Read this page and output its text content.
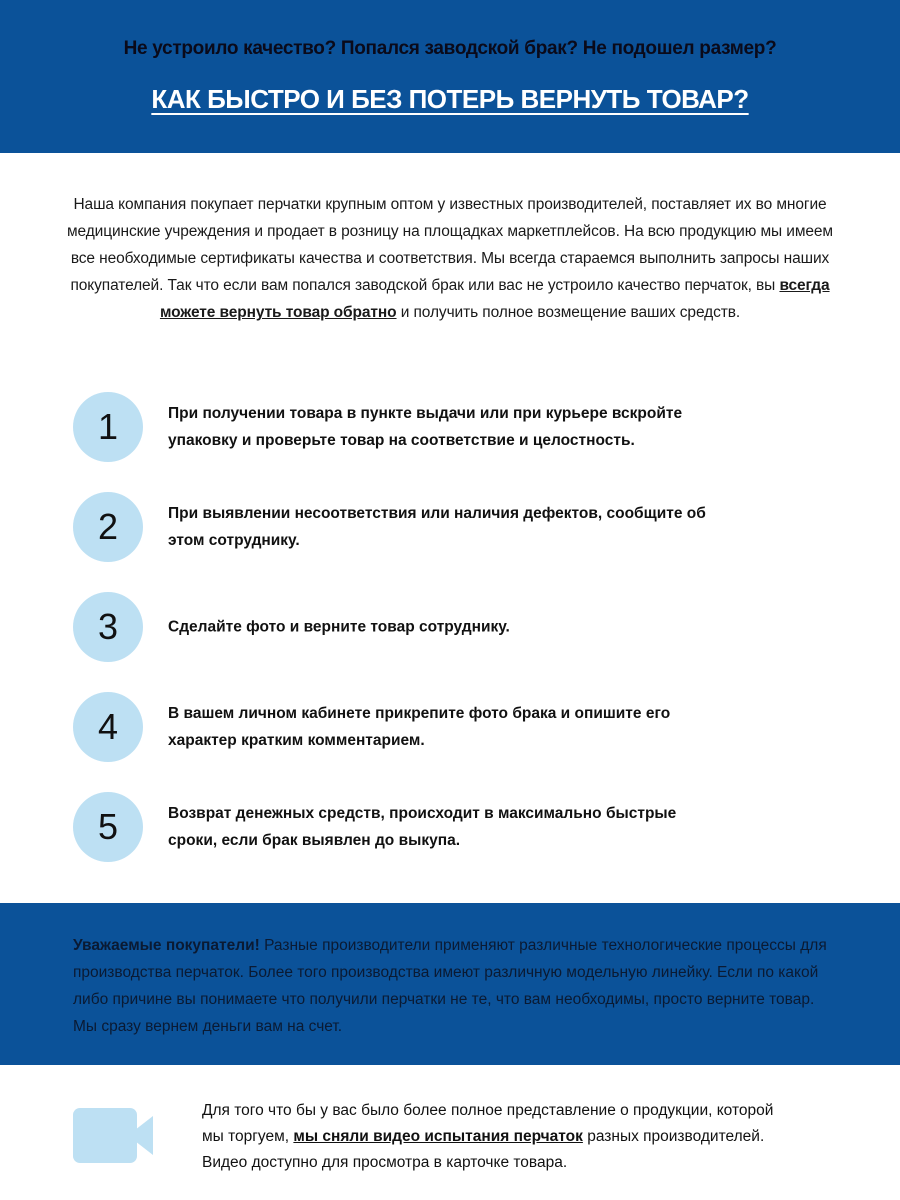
Не устроило качество? Попался заводской брак? Не подошел размер?
КАК БЫСТРО И БЕЗ ПОТЕРЬ ВЕРНУТЬ ТОВАР?

Наша компания покупает перчатки крупным оптом у известных производителей, поставляет их во многие медицинские учреждения и продает в розницу на площадках маркетплейсов. На всю продукцию мы имеем все необходимые сертификаты качества и соответствия. Мы всегда стараемся выполнить запросы наших покупателей. Так что если вам попался заводской брак или вас не устроило качество перчаток, вы всегда можете вернуть товар обратно и получить полное возмещение ваших средств.

1	При получении товара в пункте выдачи или при курьере вскройте упаковку и проверьте товар на соответствие и целостность.
2	При выявлении несоответствия или наличия дефектов, сообщите об этом сотруднику.
3	Сделайте фото и верните товар сотруднику.
4	В вашем личном кабинете прикрепите фото брака и опишите его характер кратким комментарием.
5	Возврат денежных средств, происходит в максимально быстрые сроки, если брак выявлен до выкупа.

Уважаемые покупатели! Разные производители применяют различные технологические процессы для производства перчаток. Более того производства имеют различную модельную линейку. Если по какой либо причине вы понимаете что получили перчатки не те, что вам необходимы, просто верните товар. Мы сразу вернем деньги вам на счет.

Для того что бы у вас было более полное представление о продукции, которой мы торгуем, мы сняли видео испытания перчаток разных производителей. Видео доступно для просмотра в карточке товара.
